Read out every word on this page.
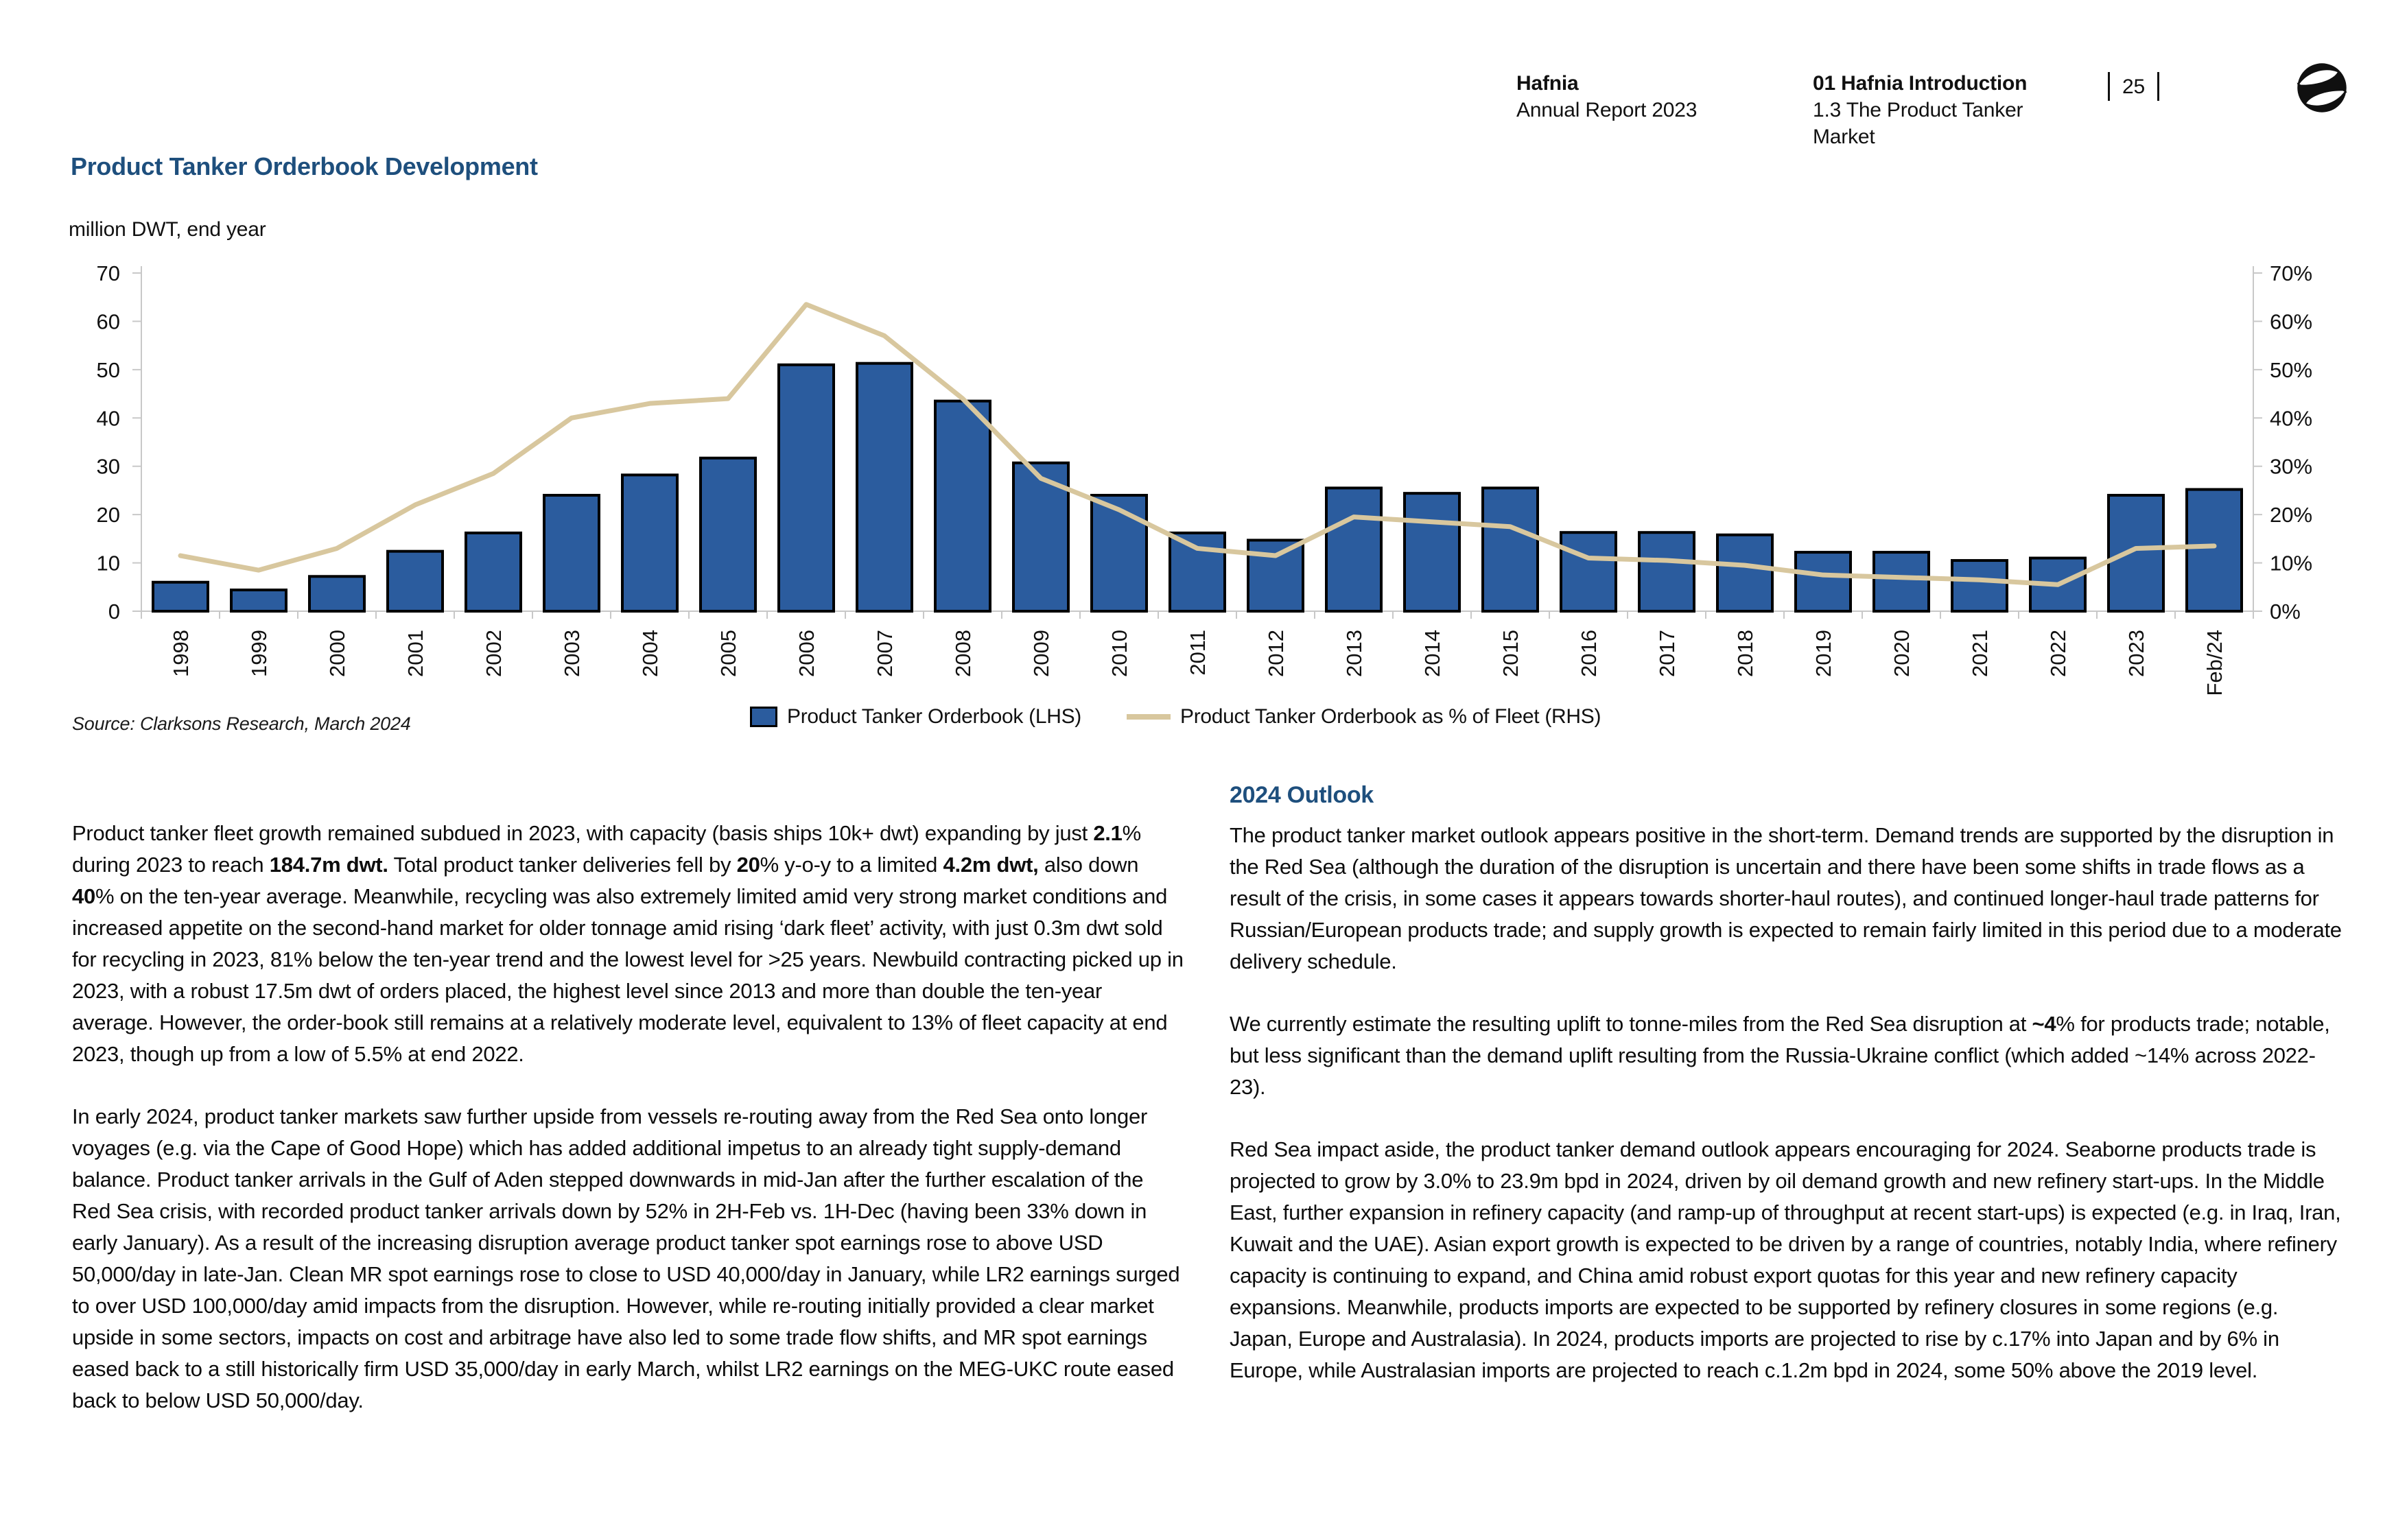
Hafnia
Annual Report 2023
01 Hafnia Introduction
1.3 The Product Tanker Market
25
Product Tanker Orderbook Development
million DWT, end year
0	0%
10	10%
20	20%
30	30%
40	40%
50	50%
60	60%
70	70%
1998	1999	2000	2001	2002	2003	2004	2005	2006	2007	2008	2009	2010	2011	2012	2013	2014	2015	2016	2017	2018	2019	2020	2021	2022	2023	Feb/24
Source: Clarksons Research, March 2024	Product Tanker Orderbook (LHS)	Product Tanker Orderbook as % of Fleet (RHS)

Product tanker fleet growth remained subdued in 2023, with capacity (basis ships 10k+ dwt) expanding by just 2.1% during 2023 to reach 184.7m dwt. Total product tanker deliveries fell by 20% y-o-y to a limited 4.2m dwt, also down 40% on the ten-year average. Meanwhile, recycling was also extremely limited amid very strong market conditions and increased appetite on the second-hand market for older tonnage amid rising ‘dark fleet’ activity, with just 0.3m dwt sold for recycling in 2023, 81% below the ten-year trend and the lowest level for >25 years. Newbuild contracting picked up in 2023, with a robust 17.5m dwt of orders placed, the highest level since 2013 and more than double the ten-year average. However, the order-book still remains at a relatively moderate level, equivalent to 13% of fleet capacity at end 2023, though up from a low of 5.5% at end 2022.

In early 2024, product tanker markets saw further upside from vessels re-routing away from the Red Sea onto longer voyages (e.g. via the Cape of Good Hope) which has added additional impetus to an already tight supply-demand balance. Product tanker arrivals in the Gulf of Aden stepped downwards in mid-Jan after the further escalation of the Red Sea crisis, with recorded product tanker arrivals down by 52% in 2H-Feb vs. 1H-Dec (having been 33% down in early January). As a result of the increasing disruption average product tanker spot earnings rose to above USD 50,000/day in late-Jan. Clean MR spot earnings rose to close to USD 40,000/day in January, while LR2 earnings surged to over USD 100,000/day amid impacts from the disruption. However, while re-routing initially provided a clear market upside in some sectors, impacts on cost and arbitrage have also led to some trade flow shifts, and MR spot earnings eased back to a still historically firm USD 35,000/day in early March, whilst LR2 earnings on the MEG-UKC route eased back to below USD 50,000/day.

2024 Outlook

The product tanker market outlook appears positive in the short-term. Demand trends are supported by the disruption in the Red Sea (although the duration of the disruption is uncertain and there have been some shifts in trade flows as a result of the crisis, in some cases it appears towards shorter-haul routes), and continued longer-haul trade patterns for Russian/European products trade; and supply growth is expected to remain fairly limited in this period due to a moderate delivery schedule.

We currently estimate the resulting uplift to tonne-miles from the Red Sea disruption at ~4% for products trade; notable, but less significant than the demand uplift resulting from the Russia-Ukraine conflict (which added ~14% across 2022-23).

Red Sea impact aside, the product tanker demand outlook appears encouraging for 2024. Seaborne products trade is projected to grow by 3.0% to 23.9m bpd in 2024, driven by oil demand growth and new refinery start-ups. In the Middle East, further expansion in refinery capacity (and ramp-up of throughput at recent start-ups) is expected (e.g. in Iraq, Iran, Kuwait and the UAE). Asian export growth is expected to be driven by a range of countries, notably India, where refinery capacity is continuing to expand, and China amid robust export quotas for this year and new refinery capacity expansions. Meanwhile, products imports are expected to be supported by refinery closures in some regions (e.g. Japan, Europe and Australasia). In 2024, products imports are projected to rise by c.17% into Japan and by 6% in Europe, while Australasian imports are projected to reach c.1.2m bpd in 2024, some 50% above the 2019 level.
